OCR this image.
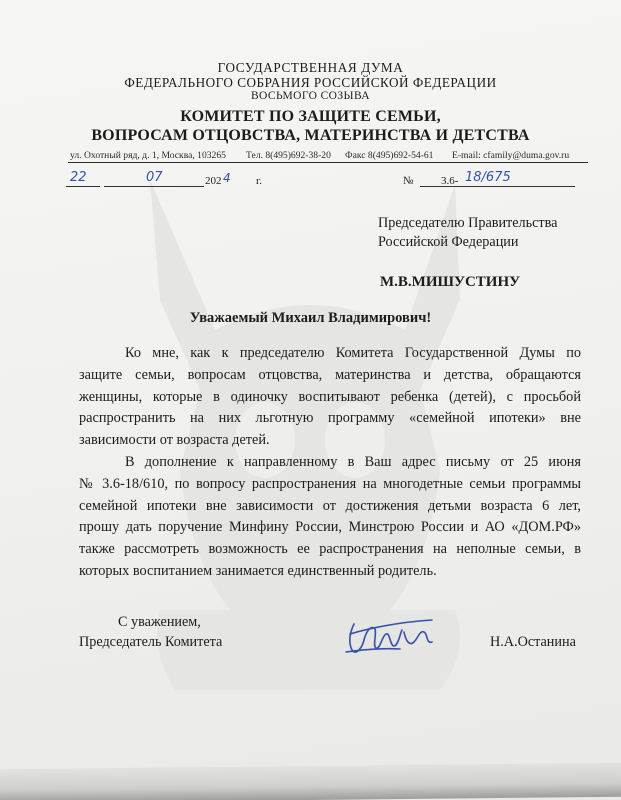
ГОСУДАРСТВЕННАЯ ДУМА
ФЕДЕРАЛЬНОГО СОБРАНИЯ РОССИЙСКОЙ ФЕДЕРАЦИИ
ВОСЬМОГО СОЗЫВА
КОМИТЕТ ПО ЗАЩИТЕ СЕМЬИ,
ВОПРОСАМ ОТЦОВСТВА, МАТЕРИНСТВА И ДЕТСТВА
ул. Охотный ряд, д. 1, Москва, 103265 Тел. 8(495)692-38-20 Факс 8(495)692-54-61 E-mail: cfamily@duma.gov.ru
22	07	202 4 г.	№	3.6- 18/675
Председателю Правительства
Российской Федерации
М.В.МИШУСТИНУ
Уважаемый Михаил Владимирович!
Ко мне, как к председателю Комитета Государственной Думы по
защите семьи, вопросам отцовства, материнства и детства, обращаются
женщины, которые в одиночку воспитывают ребенка (детей), с просьбой
распространить на них льготную программу «семейной ипотеки» вне
зависимости от возраста детей.
В дополнение к направленному в Ваш адрес письму от 25 июня
№ 3.6-18/610, по вопросу распространения на многодетные семьи программы
семейной ипотеки вне зависимости от достижения детьми возраста 6 лет,
прошу дать поручение Минфину России, Минстрою России и АО «ДОМ.РФ»
также рассмотреть возможность ее распространения на неполные семьи, в
которых воспитанием занимается единственный родитель.
С уважением,
Председатель Комитета	Н.А.Останина
